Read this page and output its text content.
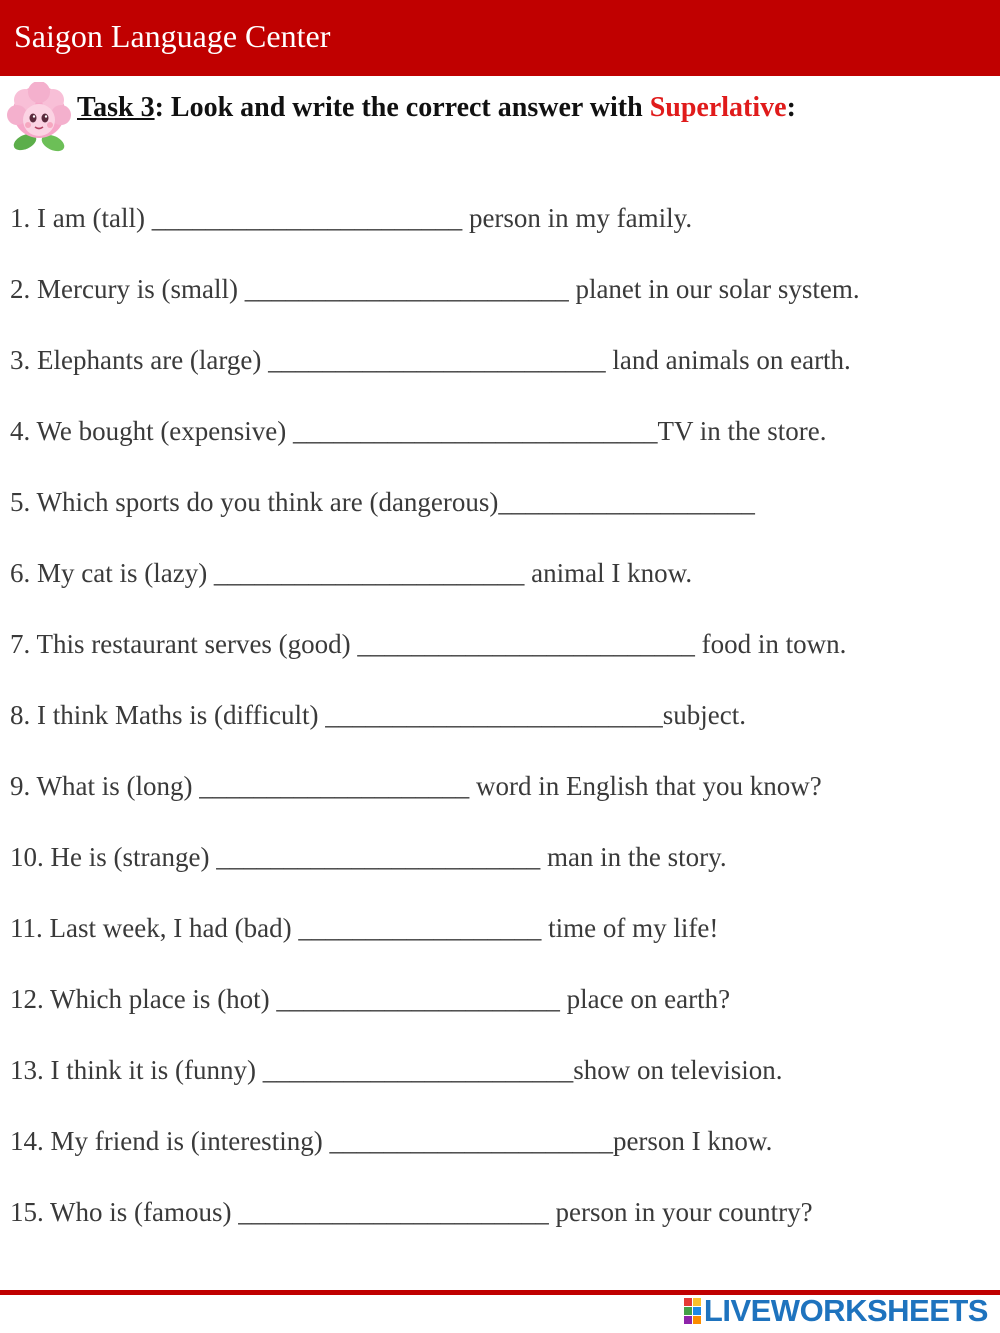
Saigon Language Center
Task 3: Look and write the correct answer with Superlative:
1. I am (tall) _______________________ person in my family.
2. Mercury is (small) ________________________ planet in our solar system.
3. Elephants are (large) _________________________ land animals on earth.
4. We bought (expensive) ___________________________TV in the store.
5. Which sports do you think are (dangerous)___________________
6. My cat is (lazy) _______________________ animal I know.
7. This restaurant serves (good) _________________________ food in town.
8. I think Maths is (difficult) _________________________subject.
9. What is (long) ____________________ word in English that you know?
10. He is (strange) ________________________ man in the story.
11. Last week, I had (bad) __________________ time of my life!
12. Which place is (hot) _____________________ place on earth?
13. I think it is (funny) _______________________show on television.
14. My friend is (interesting) _____________________person I know.
15. Who is (famous) _______________________ person in your country?
LIVEWORKSHEETS
